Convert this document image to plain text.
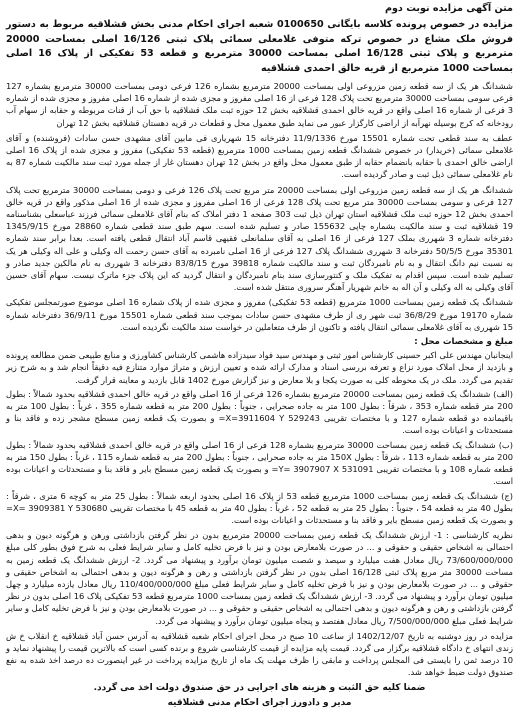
متن آگهی مزایده نوبت دوم
مزایده در خصوص پرونده کلاسه بایگانی 0100650 شعبه اجرای احکام مدنی بخش قشلاقیه مربوط به دستور فروش ملک مشاع در خصوص ترکه متوفی غلامعلی سمائی پلاک ثبتی 16/126 اصلی بمساحت 20000 مترمربع و پلاک ثبتی 16/128 اصلی بمساحت 30000 مترمربع و قطعه 53 تفکیکی از پلاک 16 اصلی بمساحت 1000 مترمربع از قریه خالق احمدی قشلاقیه
ششدانگ هر یک از سه قطعه زمین مزروعی اولی بمساحت 20000 مترمربع بشماره 126 فرعی دومی بمساحت 30000 مترمربع بشماره 127 فرعی سومی بمساحت 30000 مترمربع تحت پلاک 128 فرعی از 16 اصلی مفروز و مجزی شده از شماره 16 اصلی مفروز و مجزی شده از شماره 3 فرعی از شماره 16 اصلی واقع در قریه خالق احمدی قشلاقیه بخش 12 حوزه ثبت ملک قشلاقیه با حق آب از قنات مربوطه و حقابه از سهام آب رودخانه که کرج بوسیله نهرآبه از اراضی کارگزار عبور می نماید طبق معمول محل و قطعات در قریه دهستان قشلاقیه بخش 12 تهران
عطف به سند قطعی تحت شماره 15501 مورخ 11/9/1336 دفترخانه 15 شهریاری فی مابین آقای مشهدی حسن سادات (فروشنده) و آقای غلامعلی سمائی (خریدار) در خصوص ششدانگ قطعه زمین بمساحت 1000 مترمربع (قطعه 53 تفکیکی) مفروز و مجزی شده از پلاک 16 اصلی اراضی خالق احمدی با حقابه بانضمام حقابه از طبق معمول محل واقع در بخش 12 تهران دهستان غار از جمله مورد ثبت سند مالکیت شماره 87 به نام غلامعلی سمائی ذیل ثبت و صادر گردیده است.
ششدانگ هر یک از سه قطعه زمین مزروعی اولی بمساحت 20000 متر مربع تحت پلاک 126 فرعی و دومی بمساحت 30000 مترمربع تحت پلاک 127 فرعی و سومی بمساحت 30000 متر مربع تحت پلاک 128 فرعی از 16 اصلی مفروز و مجزی شده از 16 اصلی مذکور واقع در قریه خالق احمدی بخش 12 حوزه ثبت ملک قشلاقیه استان تهران ذیل ثبت 303 صفحه 1 دفتر املاک که بنام آقای غلامعلی سمائی فرزند عباسعلی بشناسنامه 19 قشلاقیه ثبت و سند مالکیت بشماره چاپی 155632 صادر و تسلیم شده است. سهم طبق سند قطعی شماره 28860 مورخ 1345/9/15 دفترخانه شماره 3 شهرری بملک 127 فرعی از 16 اصلی به آقای سلمانعلی فقیهی قاسم آباد انتقال قطعی یافته است. بعدا برابر سند شماره 35301 مورخ 50/5/5 دفترخانه 3 شهرری ششدانگ پلاک 127 فرعی از 16 اصلی نامبرده به آقای حسن رحمت اله وکیلی و علی اله وکیلی هر یک به نسبت نیم دانگ انتقال و به نام نامبردگان ثبت و سند مالکیت شماره 39818 مورخ 83/8/15 دفترخانه 3 شهرری به نام مالکین جدید صادر و تسلیم شده است. سپس اقدام به تفکیک ملک و کنتورسازی سند بنام نامبردگان و انتقال گردید که این پلاک جزء ماترک نیست. سهام آقای حسین آقای وکیلی به اله وکیلی و آن اله به خانم شهریار آهنگر سروری منتقل شده است.
ششدانگ یک قطعه زمین بمساحت 1000 مترمربع (قطعه 53 تفکیکی) مفروز و مجزی شده از پلاک شماره 16 اصلی موضوع صورتمجلس تفکیکی شماره 19170 مورخ 36/8/29 ثبت شهر ری از طرف مشهدی حسن سادات بموجب سند قطعی شماره 15501 مورخ 36/9/11 دفترخانه شماره 15 شهرری به آقای غلامعلی سمائی انتقال یافته و تاکنون از طرف متعاملین در خواست سند مالکیت نگردیده است.
مبلغ و مشخصات محل :
اینجانبان مهندس علی اکبر حسینی کارشناس امور ثبتی و مهندس سید فواد سیدزاده هاشمی کارشناس کشاورزی و منابع طبیعی ضمن مطالعه پرونده و بازدید از محل املاک مورد نزاع و تعرفه بررسی اسناد و مدارک ارائه شده و تعیین ارزش و متراژ موارد متنازع فیه دقیقاً انجام شد و به شرح زیر تقدیم می گردد. ملک در یک محوطه کلی به صورت یکجا و بلا معارض و نیز گزارش مورخ 1402 قابل بازدید و معاینه قرار گرفت.
(الف) ششدانگ یک قطعه زمین بمساحت 20000 مترمربع بشماره 126 فرعی از 16 اصلی واقع در قریه خالق احمدی قشلاقیه بحدود شمالاً : بطول 200 متر قطعه شماره 353 ، شرقاً : بطول 100 متر به جاده صحرایی ، جنوباً : بطول 200 متر به قطعه شماره 355 ، غرباً : بطول 100 متر به باقیمانده دو قطعه شماره 127 و با مختصات تقریبی 529243 X=3911604 Y= و بصورت یک قطعه زمین مسطح مشجر زده و فاقد بنا و مستحدثات و اعیانات بوده است.
(ب) ششدانگ یک قطعه زمین بمساحت 30000 مترمربع بشماره 128 فرعی از 16 اصلی واقع در قریه خالق احمدی قشلاقیه بحدود شمالاً : بطول 200 متر به قطعه شماره 113 ، شرقاً : بطول 150X متر به جاده صحرایی ، جنوباً : بطول 200 متر به قطعه شماره 115 ، غرباً : بطول 150 متر به قطعه شماره 108 و با مختصات تقریبی 531091 Y= 3907907 X= و بصورت یک قطعه زمین مسطح بایر و فاقد بنا و مستحدثات و اعیانات بوده است.
(ج) ششدانگ یک قطعه زمین بمساحت 1000 مترمربع قطعه 53 از پلاک 16 اصلی بحدود اربعه شمالاً : بطول 25 متر به کوچه 6 متری ، شرقاً : بطول 40 متر به قطعه 54 ، جنوباً : بطول 25 متر به قطعه 52 ، غرباً : بطول 40 متر به قطعه 45 با مختصات تقریبی 530680 X= 3909381 Y= و بصورت یک قطعه زمین مسطح بایر و فاقد بنا و مستحدثات و اعیانات بوده است.
نظریه کارشناسی : 1- ارزش ششدانگ یک قطعه زمین بمساحت 20000 مترمربع بدون در نظر گرفتن بازداشتی ورهن و هرگونه دیون و بدهی احتمالی به اشخاص حقیقی و حقوقی و ... در صورت بلامعارض بودن و نیز با فرض تخلیه کامل و سایر شرایط فعلی به شرح فوق بطور کلی مبلغ 73/600/000/000 ریال معادل هفت میلیارد و سیصد و شصت میلیون تومان برآورد و پیشنهاد می گردد. 2- ارزش ششدانگ یک قطعه زمین به مساحت 30000 متر مربع پلاک ثبتی 16/128 اصلی بدون در نظر گرفتن بازداشتی و رهن و هرگونه دیون و بدهی احتمالی به اشخاص حقیقی و حقوقی و ... در صورت بلامعارض بودن و نیز با فرض تخلیه کامل و سایر شرایط فعلی مبلغ 110/400/000/000 ریال معادل یازده میلیارد و چهل میلیون تومان برآورد و پیشنهاد می گردد. 3- ارزش ششدانگ یک قطعه زمین بمساحت 1000 مترمربع قطعه 53 تفکیکی پلاک 16 اصلی بدون در نظر گرفتن بازداشتی و رهن و هرگونه دیون و بدهی احتمالی به اشخاص حقیقی و حقوقی و ... در صورت بلامعارض بودن و نیز با فرض تخلیه کامل و سایر شرایط فعلی مبلغ 7/500/000/000 ریال معادل هفتصد و پنجاه میلیون تومان برآورد و پیشنهاد می گردد.
مزایده در روز دوشنبه به تاریخ 1402/12/07 از ساعت 10 صبح در محل اجرای احکام شعبه قشلاقیه به آدرس حسن آباد قشلاقیه خ انقلاب خ ش زندی انتهای خ دادگاه قشلاقیه برگزار می گردد. قیمت پایه مزایده از قیمت کارشناسی شروع و برنده کسی است که بالاترین قیمت را پیشنهاد نماید و 10 درصد ثمن را بایستی فی المجلس پرداخت و مابقی را ظرف مهلت یک ماه از تاریخ مزایده پرداخت در غیر اینصورت ده درصد اخذ شده به نفع صندوق دولت ضبط خواهد شد.
ضمنا کلیه حق الثبت و هزینه های اجرایی در حق صندوق دولت اخذ می گردد.
مدیر و دادورز اجرای احکام مدنی قشلاقیه
